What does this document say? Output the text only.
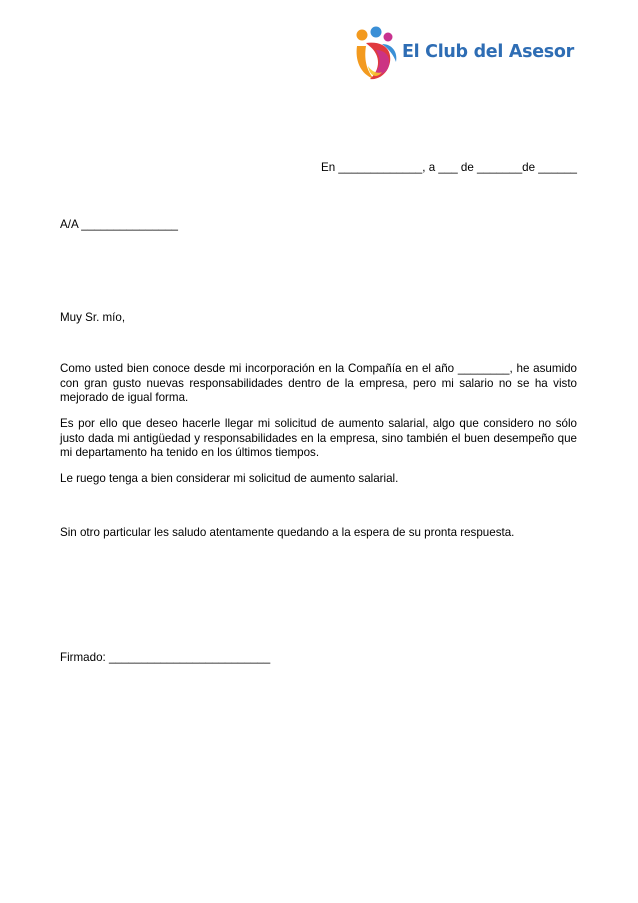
El Club del Asesor
En _____________, a ___ de _______de ______
A/A _______________
Muy Sr. mío,
Como usted bien conoce desde mi incorporación en la Compañía en el año ________, he asumido con gran gusto nuevas responsabilidades dentro de la empresa, pero mi salario no se ha visto mejorado de igual forma.
Es por ello que deseo hacerle llegar mi solicitud de aumento salarial, algo que considero no sólo justo dada mi antigüedad y responsabilidades en la empresa, sino también el buen desempeño que mi departamento ha tenido en los últimos tiempos.
Le ruego tenga a bien considerar mi solicitud de aumento salarial.
Sin otro particular les saludo atentamente quedando a la espera de su pronta respuesta.
Firmado: _________________________
